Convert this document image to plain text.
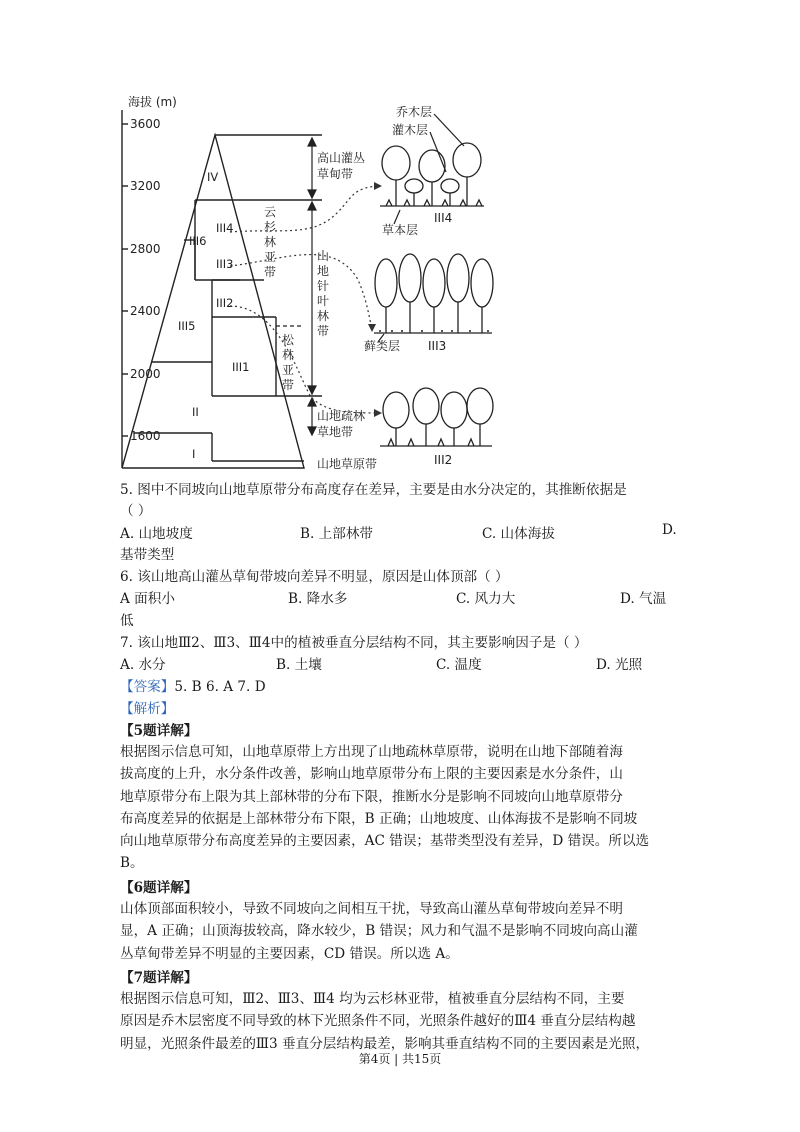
海拔 (m)
3600
3200
2800
2400
2000
1600
IV
III4
III6
III3
III2
III5
III1
II
I
云杉林亚带
山地针叶林带
松林亚带
高山灌丛
草甸带
山地疏林
草地带
山地草原带
乔木层
灌木层
草本层
藓类层
III4
III3
III2
5. 图中不同坡向山地草原带分布高度存在差异，主要是由水分决定的，其推断依据是
（ ）
A. 山地坡度	B. 上部林带	C. 山体海拔	D.
基带类型
6. 该山地高山灌丛草甸带坡向差异不明显，原因是山体顶部（ ）
A 面积小	B. 降水多	C. 风力大	D. 气温
低
7. 该山地Ⅲ2、Ⅲ3、Ⅲ4中的植被垂直分层结构不同，其主要影响因子是（ ）
A. 水分	B. 土壤	C. 温度	D. 光照
【答案】5. B 6. A 7. D
【解析】
【5题详解】
根据图示信息可知，山地草原带上方出现了山地疏林草原带，说明在山地下部随着海
拔高度的上升，水分条件改善，影响山地草原带分布上限的主要因素是水分条件，山
地草原带分布上限为其上部林带的分布下限，推断水分是影响不同坡向山地草原带分
布高度差异的依据是上部林带分布下限，B 正确；山地坡度、山体海拔不是影响不同坡
向山地草原带分布高度差异的主要因素，AC 错误；基带类型没有差异，D 错误。所以选
B。
【6题详解】
山体顶部面积较小，导致不同坡向之间相互干扰，导致高山灌丛草甸带坡向差异不明
显，A 正确；山顶海拔较高，降水较少，B 错误；风力和气温不是影响不同坡向高山灌
丛草甸带差异不明显的主要因素，CD 错误。所以选 A。
【7题详解】
根据图示信息可知，Ⅲ2、Ⅲ3、Ⅲ4 均为云杉林亚带，植被垂直分层结构不同，主要
原因是乔木层密度不同导致的林下光照条件不同，光照条件越好的Ⅲ4 垂直分层结构越
明显，光照条件最差的Ⅲ3 垂直分层结构最差，影响其垂直结构不同的主要因素是光照，
第4页 | 共15页
